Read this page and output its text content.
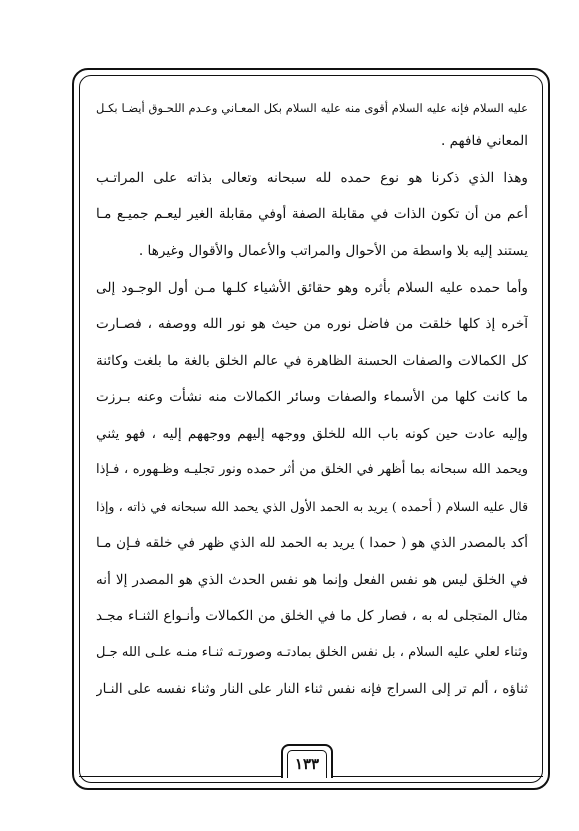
عليه السلام فإنه عليه السلام أقوى منه عليه السلام بكل المعـاني وعـدم اللحـوق أيضـا بكـل
المعاني فافهم .
وهذا الذي ذكرنا هو نوع حمده لله سبحانه وتعالى بذاته على المراتـب
أعم من أن تكون الذات في مقابلة الصفة أوفي مقابلة الغير ليعـم جميـع مـا
يستند إليه بلا واسطة من الأحوال والمراتب والأعمال والأقوال وغيرها .
وأما حمده عليه السلام بأثره وهو حقائق الأشياء كلـها مـن أول الوجـود إلى
آخره إذ كلها خلقت من فاضل نوره من حيث هو نور الله ووصفه ، فصـارت
كل الكمالات والصفات الحسنة الظاهرة في عالم الخلق بالغة ما بلغت وكائنة
ما كانت كلها من الأسماء والصفات وسائر الكمالات منه نشأت وعنه بـرزت
وإليه عادت حين كونه باب الله للخلق ووجهه إليهم ووجههم إليه ، فهو يثني
ويحمد الله سبحانه بما أظهر في الخلق من أثر حمده ونور تجليـه وظـهوره ، فـإذا
قال عليه السلام ( أحمده ) يريد به الحمد الأول الذي يحمد الله سبحانه في ذاته ، وإذا
أكد بالمصدر الذي هو ( حمدا ) يريد به الحمد لله الذي ظهر في خلقه فـإن مـا
في الخلق ليس هو نفس الفعل وإنما هو نفس الحدث الذي هو المصدر إلا أنه
مثال المتجلى له به ، فصار كل ما في الخلق من الكمالات وأنـواع الثنـاء مجـد
وثناء لعلي عليه السلام ، بل نفس الخلق بمادتـه وصورتـه ثنـاء منـه علـى الله جـل
ثناؤه ، ألم تر إلى السراج فإنه نفس ثناء النار على النار وثناء نفسه على النـار
١٣٣
